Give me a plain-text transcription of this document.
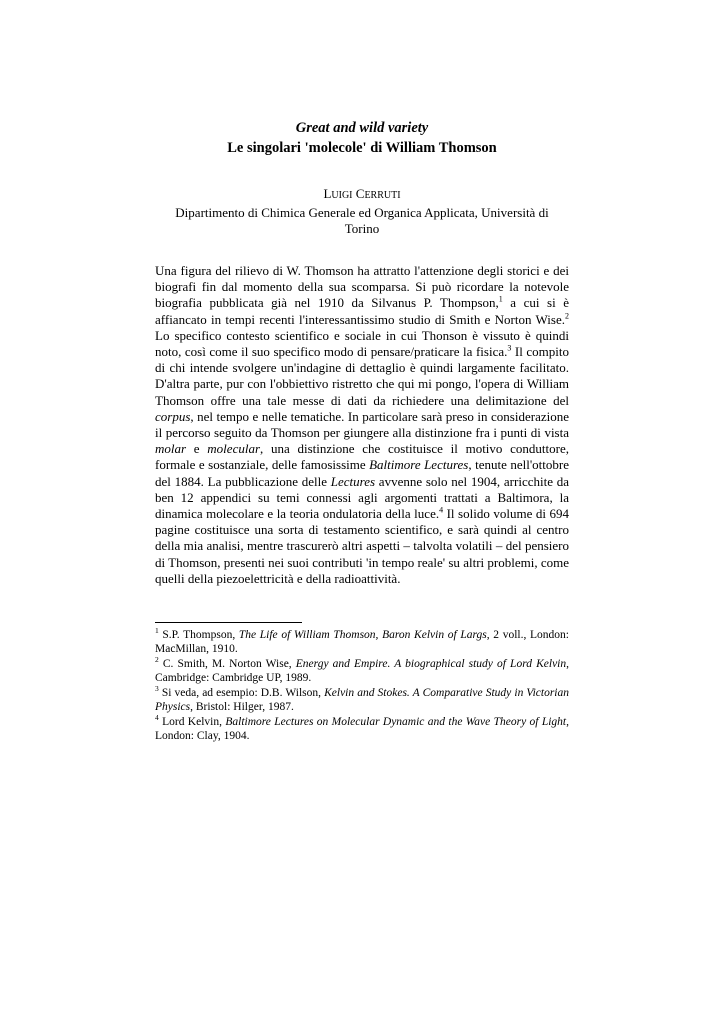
Great and wild variety
Le singolari 'molecole' di William Thomson
LUIGI CERRUTI
Dipartimento di Chimica Generale ed Organica Applicata, Università di Torino
Una figura del rilievo di W. Thomson ha attratto l'attenzione degli storici e dei biografi fin dal momento della sua scomparsa. Si può ricordare la notevole biografia pubblicata già nel 1910 da Silvanus P. Thompson,$^1$ a cui si è affiancato in tempi recenti l'interessantissimo studio di Smith e Norton Wise.$^2$ Lo specifico contesto scientifico e sociale in cui Thonson è vissuto è quindi noto, così come il suo specifico modo di pensare/praticare la fisica.$^3$ Il compito di chi intende svolgere un'indagine di dettaglio è quindi largamente facilitato. D'altra parte, pur con l'obbiettivo ristretto che qui mi pongo, l'opera di William Thomson offre una tale messe di dati da richiedere una delimitazione del corpus, nel tempo e nelle tematiche. In particolare sarà preso in considerazione il percorso seguito da Thomson per giungere alla distinzione fra i punti di vista molar e molecular, una distinzione che costituisce il motivo conduttore, formale e sostanziale, delle famosissime Baltimore Lectures, tenute nell'ottobre del 1884. La pubblicazione delle Lectures avvenne solo nel 1904, arricchite da ben 12 appendici su temi connessi agli argomenti trattati a Baltimora, la dinamica molecolare e la teoria ondulatoria della luce.$^4$ Il solido volume di 694 pagine costituisce una sorta di testamento scientifico, e sarà quindi al centro della mia analisi, mentre trascurerò altri aspetti – talvolta volatili – del pensiero di Thomson, presenti nei suoi contributi 'in tempo reale' su altri problemi, come quelli della piezoelettricità e della radioattività.

$^1$ S.P. Thompson, The Life of William Thomson, Baron Kelvin of Largs, 2 voll., London: MacMillan, 1910.

$^2$ C. Smith, M. Norton Wise, Energy and Empire. A biographical study of Lord Kelvin, Cambridge: Cambridge UP, 1989.

$^3$ Si veda, ad esempio: D.B. Wilson, Kelvin and Stokes. A Comparative Study in Victorian Physics, Bristol: Hilger, 1987.

$^4$ Lord Kelvin, Baltimore Lectures on Molecular Dynamic and the Wave Theory of Light, London: Clay, 1904.
